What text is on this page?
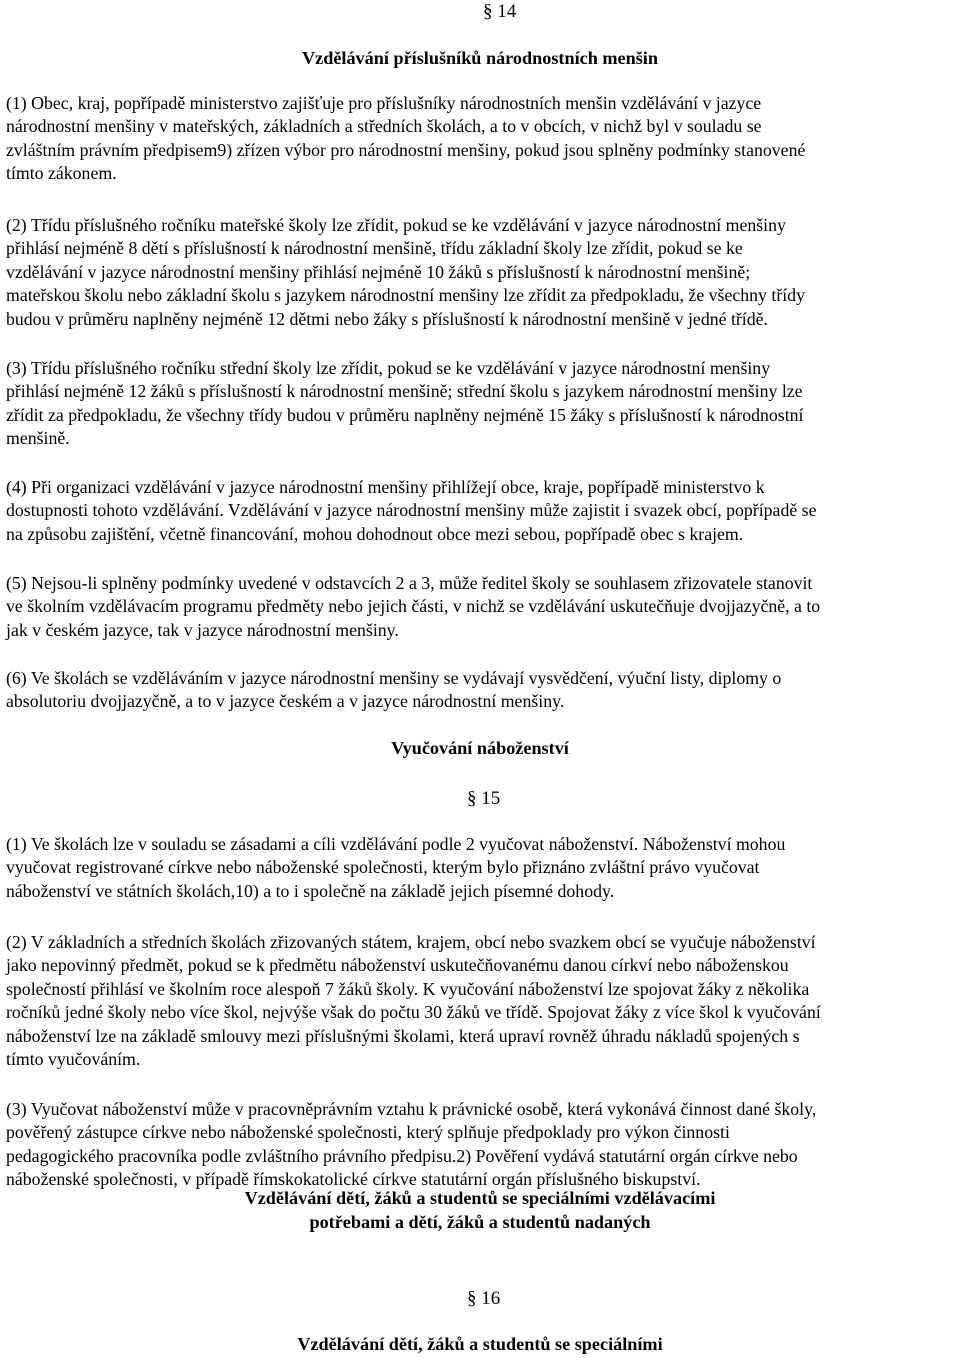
§ 14
Vzdělávání příslušníků národnostních menšin

(1) Obec, kraj, popřípadě ministerstvo zajišťuje pro příslušníky národnostních menšin vzdělávání v jazyce
národnostní menšiny v mateřských, základních a středních školách, a to v obcích, v nichž byl v souladu se
zvláštním právním předpisem9) zřízen výbor pro národnostní menšiny, pokud jsou splněny podmínky stanovené
tímto zákonem.

(2) Třídu příslušného ročníku mateřské školy lze zřídit, pokud se ke vzdělávání v jazyce národnostní menšiny
přihlásí nejméně 8 dětí s příslušností k národnostní menšině, třídu základní školy lze zřídit, pokud se ke
vzdělávání v jazyce národnostní menšiny přihlásí nejméně 10 žáků s příslušností k národnostní menšině;
mateřskou školu nebo základní školu s jazykem národnostní menšiny lze zřídit za předpokladu, že všechny třídy
budou v průměru naplněny nejméně 12 dětmi nebo žáky s příslušností k národnostní menšině v jedné třídě.

(3) Třídu příslušného ročníku střední školy lze zřídit, pokud se ke vzdělávání v jazyce národnostní menšiny
přihlásí nejméně 12 žáků s příslušností k národnostní menšině; střední školu s jazykem národnostní menšiny lze
zřídit za předpokladu, že všechny třídy budou v průměru naplněny nejméně 15 žáky s příslušností k národnostní
menšině.

(4) Při organizaci vzdělávání v jazyce národnostní menšiny přihlížejí obce, kraje, popřípadě ministerstvo k
dostupnosti tohoto vzdělávání. Vzdělávání v jazyce národnostní menšiny může zajistit i svazek obcí, popřípadě se
na způsobu zajištění, včetně financování, mohou dohodnout obce mezi sebou, popřípadě obec s krajem.

(5) Nejsou-li splněny podmínky uvedené v odstavcích 2 a 3, může ředitel školy se souhlasem zřizovatele stanovit
ve školním vzdělávacím programu předměty nebo jejich části, v nichž se vzdělávání uskutečňuje dvojjazyčně, a to
jak v českém jazyce, tak v jazyce národnostní menšiny.

(6) Ve školách se vzděláváním v jazyce národnostní menšiny se vydávají vysvědčení, výuční listy, diplomy o
absolutoriu dvojjazyčně, a to v jazyce českém a v jazyce národnostní menšiny.

Vyučování náboženství
§ 15

(1) Ve školách lze v souladu se zásadami a cíli vzdělávání podle 2 vyučovat náboženství. Náboženství mohou
vyučovat registrované církve nebo náboženské společnosti, kterým bylo přiznáno zvláštní právo vyučovat
náboženství ve státních školách,10) a to i společně na základě jejich písemné dohody.

(2) V základních a středních školách zřizovaných státem, krajem, obcí nebo svazkem obcí se vyučuje náboženství
jako nepovinný předmět, pokud se k předmětu náboženství uskutečňovanému danou církví nebo náboženskou
společností přihlásí ve školním roce alespoň 7 žáků školy. K vyučování náboženství lze spojovat žáky z několika
ročníků jedné školy nebo více škol, nejvýše však do počtu 30 žáků ve třídě. Spojovat žáky z více škol k vyučování
náboženství lze na základě smlouvy mezi příslušnými školami, která upraví rovněž úhradu nákladů spojených s
tímto vyučováním.

(3) Vyučovat náboženství může v pracovněprávním vztahu k právnické osobě, která vykonává činnost dané školy,
pověřený zástupce církve nebo náboženské společnosti, který splňuje předpoklady pro výkon činnosti
pedagogického pracovníka podle zvláštního právního předpisu.2) Pověření vydává statutární orgán církve nebo
náboženské společnosti, v případě římskokatolické církve statutární orgán příslušného biskupství.

Vzdělávání dětí, žáků a studentů se speciálními vzdělávacími
potřebami a dětí, žáků a studentů nadaných
§ 16
Vzdělávání dětí, žáků a studentů se speciálními
